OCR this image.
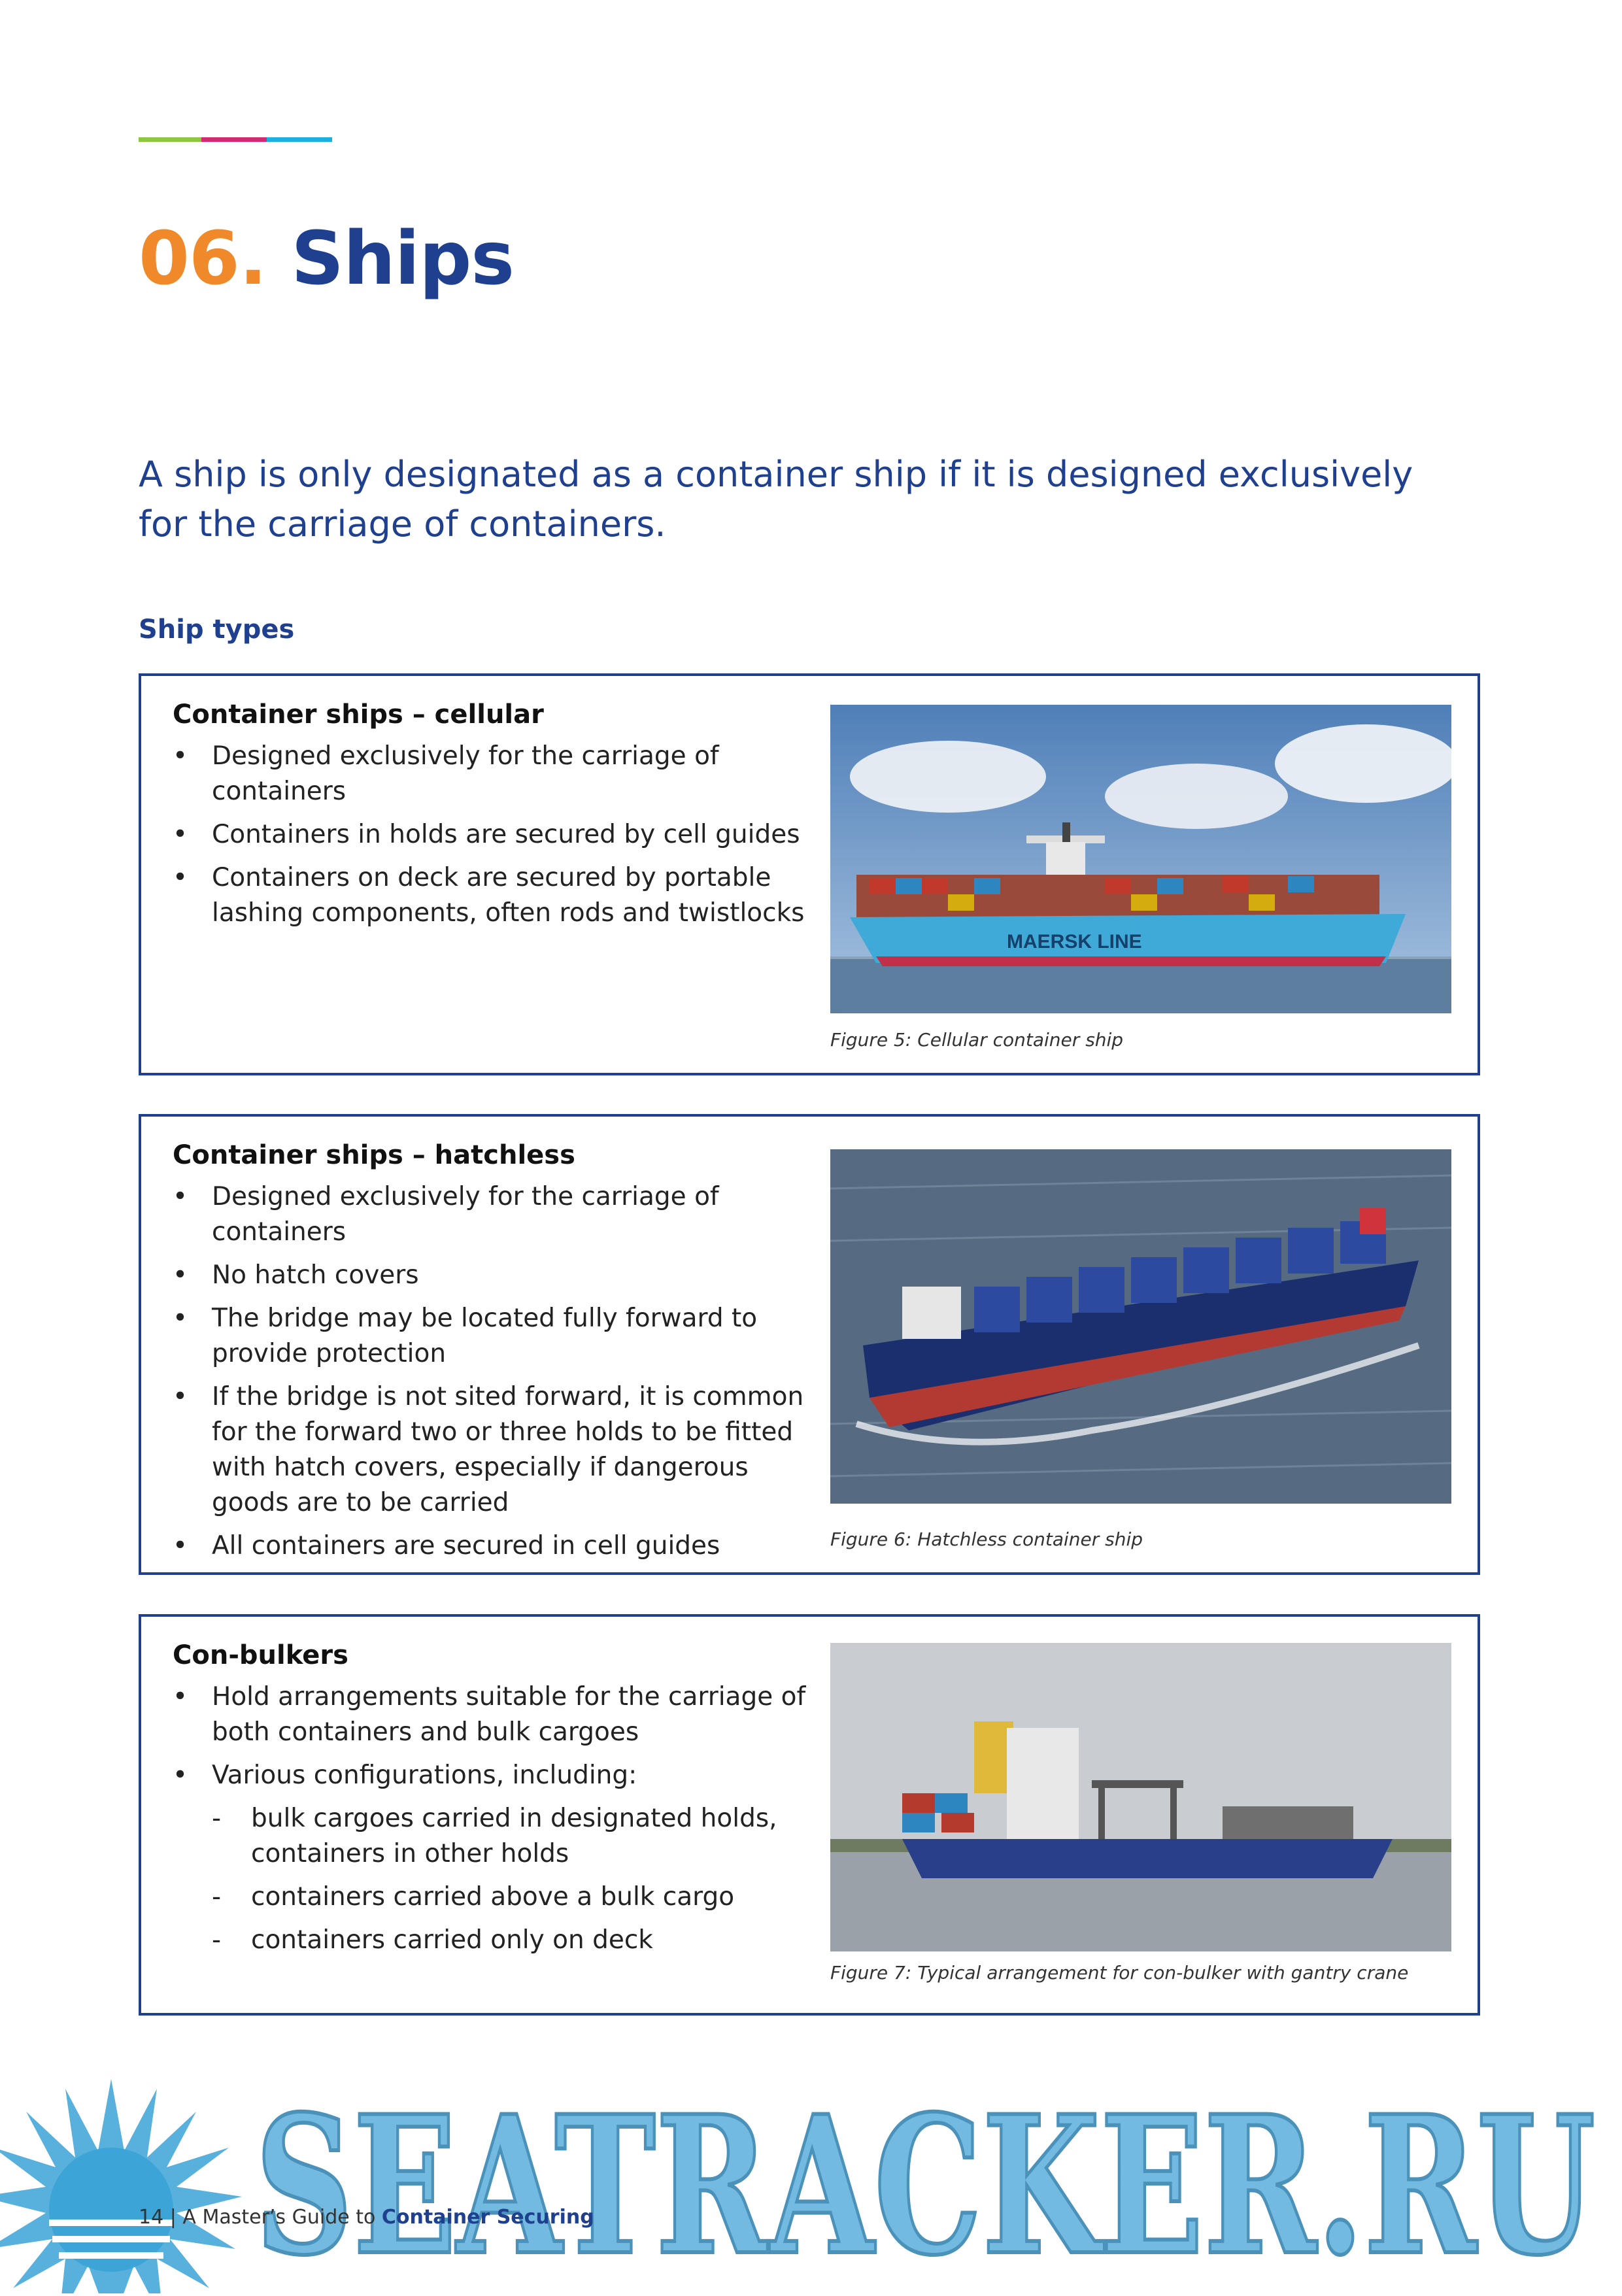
06. Ships
A ship is only designated as a container ship if it is designed exclusively for the carriage of containers.
Ship types
Container ships – cellular
• Designed exclusively for the carriage of containers
• Containers in holds are secured by cell guides
• Containers on deck are secured by portable lashing components, often rods and twistlocks
MAERSK LINE
Figure 5: Cellular container ship
Container ships – hatchless
• Designed exclusively for the carriage of containers
• No hatch covers
• The bridge may be located fully forward to provide protection
• If the bridge is not sited forward, it is common for the forward two or three holds to be fitted with hatch covers, especially if dangerous goods are to be carried
• All containers are secured in cell guides	Figure 6: Hatchless container ship
Con-bulkers
• Hold arrangements suitable for the carriage of both containers and bulk cargoes
• Various configurations, including:
- bulk cargoes carried in designated holds, containers in other holds
- containers carried above a bulk cargo
- containers carried only on deck
Figure 7: Typical arrangement for con-bulker with gantry crane
SEATRACKER.RU
14 | A Master’s Guide to Container Securing
